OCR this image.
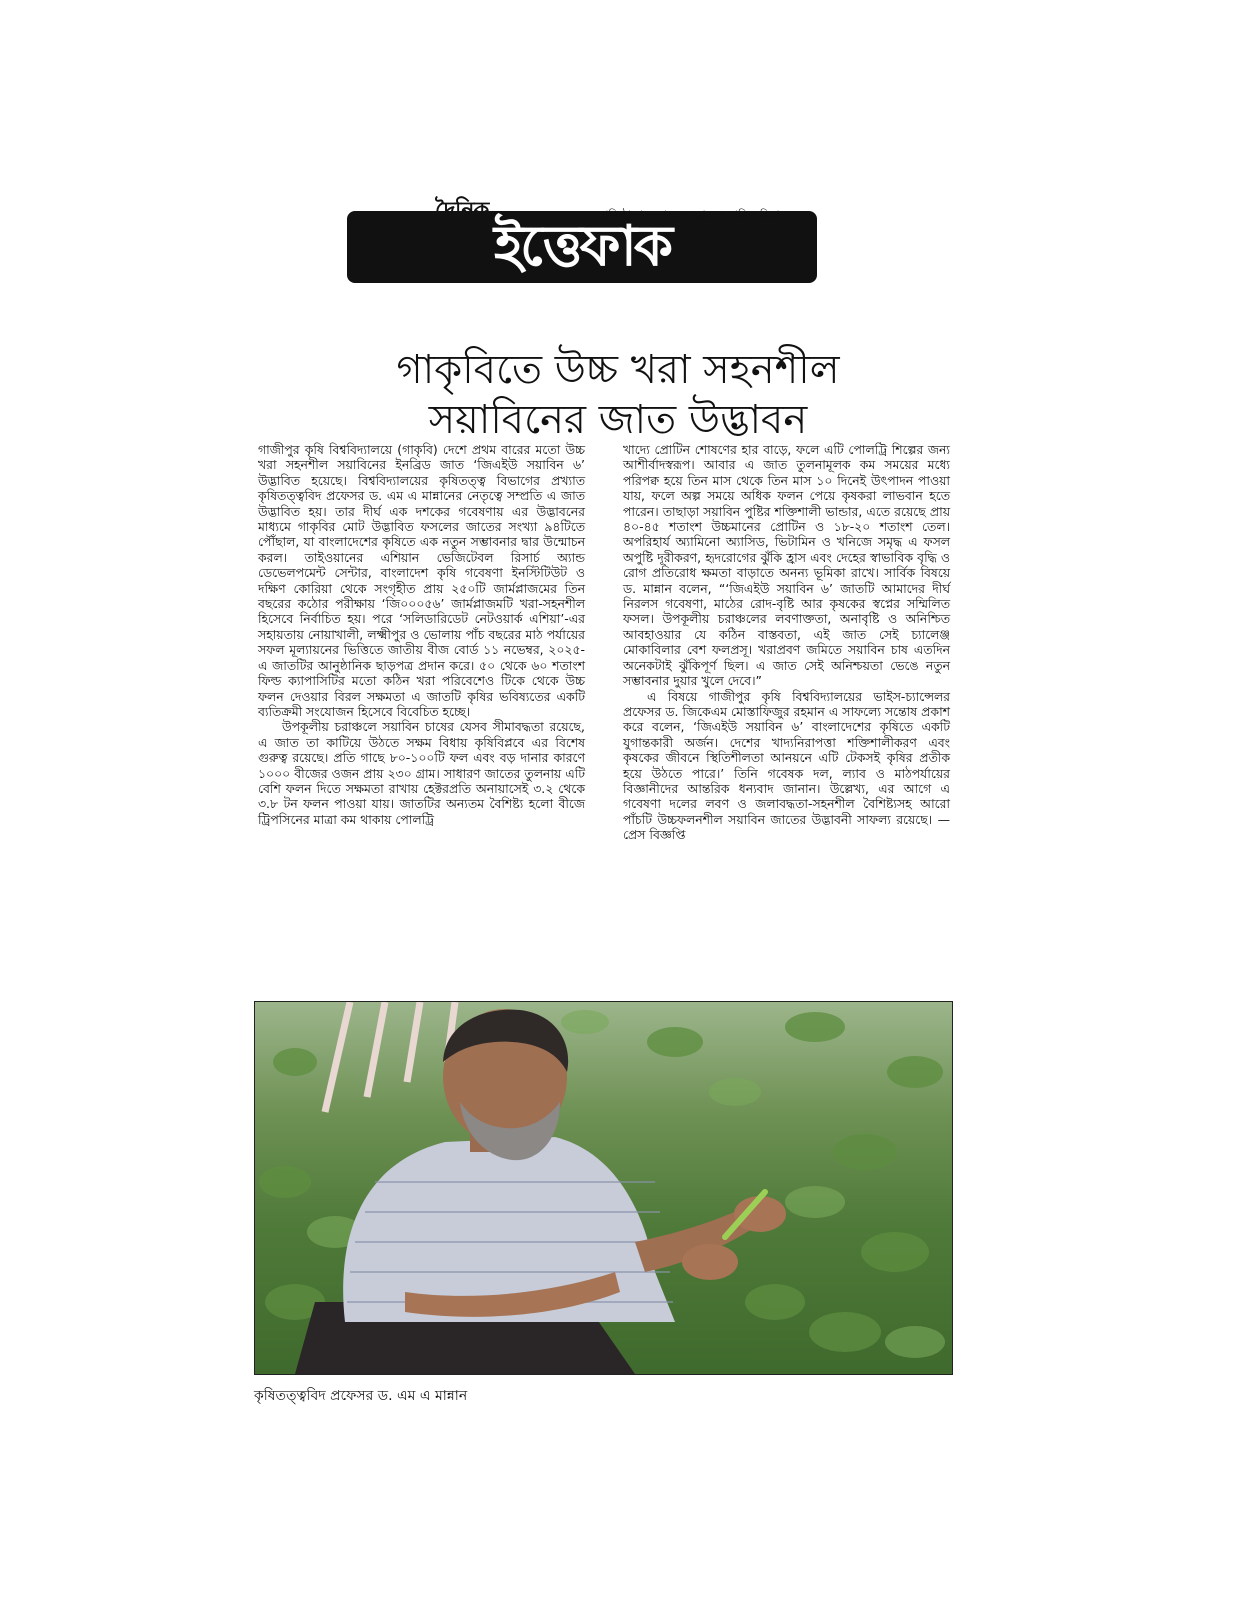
ইত্তেফাক
প্রতিষ্ঠাতা তফাজ্জল হোসেন মানিক মিয়া
গাকৃবিতে উচ্চ খরা সহনশীল
সয়াবিনের জাত উদ্ভাবন

গাজীপুর কৃষি বিশ্ববিদ্যালয়ে (গাকৃবি) দেশে প্রথম বারের মতো উচ্চ খরা সহনশীল সয়াবিনের ইনব্রিড জাত ‘জিএইউ সয়াবিন ৬’ উদ্ভাবিত হয়েছে। বিশ্ববিদ্যালয়ের কৃষিতত্ত্ব বিভাগের প্রখ্যাত কৃষিতত্ত্ববিদ প্রফেসর ড. এম এ মান্নানের নেতৃত্বে সম্প্রতি এ জাত উদ্ভাবিত হয়। তার দীর্ঘ এক দশকের গবেষণায় এর উদ্ভাবনের মাধ্যমে গাকৃবির মোট উদ্ভাবিত ফসলের জাতের সংখ্যা ৯৪টিতে পৌঁছাল, যা বাংলাদেশের কৃষিতে এক নতুন সম্ভাবনার দ্বার উন্মোচন করল। তাইওয়ানের এশিয়ান ভেজিটেবল রিসার্চ অ্যান্ড ডেভেলপমেন্ট সেন্টার, বাংলাদেশ কৃষি গবেষণা ইনস্টিটিউট ও দক্ষিণ কোরিয়া থেকে সংগৃহীত প্রায় ২৫০টি জার্মপ্লাজমের তিন বছরের কঠোর পরীক্ষায় ‘জি০০০৫৬’ জার্মপ্লাজমটি খরা-সহনশীল হিসেবে নির্বাচিত হয়। পরে ‘সলিডারিডেট নেটওয়ার্ক এশিয়া’-এর সহায়তায় নোয়াখালী, লক্ষ্মীপুর ও ভোলায় পাঁচ বছরের মাঠ পর্যায়ের সফল মূল্যায়নের ভিত্তিতে জাতীয় বীজ বোর্ড ১১ নভেম্বর, ২০২৫-এ জাতটির আনুষ্ঠানিক ছাড়পত্র প্রদান করে। ৫০ থেকে ৬০ শতাংশ ফিল্ড ক্যাপাসিটির মতো কঠিন খরা পরিবেশেও টিকে থেকে উচ্চ ফলন দেওয়ার বিরল সক্ষমতা এ জাতটি কৃষির ভবিষ্যতের একটি ব্যতিক্রমী সংযোজন হিসেবে বিবেচিত হচ্ছে।

উপকূলীয় চরাঞ্চলে সয়াবিন চাষের যেসব সীমাবদ্ধতা রয়েছে, এ জাত তা কাটিয়ে উঠতে সক্ষম বিধায় কৃষিবিপ্লবে এর বিশেষ গুরুত্ব রয়েছে। প্রতি গাছে ৮০-১০০টি ফল এবং বড় দানার কারণে ১০০০ বীজের ওজন প্রায় ২৩০ গ্রাম। সাধারণ জাতের তুলনায় এটি বেশি ফলন দিতে সক্ষমতা রাখায় হেক্টরপ্রতি অনায়াসেই ৩.২ থেকে ৩.৮ টন ফলন পাওয়া যায়। জাতটির অন্যতম বৈশিষ্ট্য হলো বীজে ট্রিপসিনের মাত্রা কম থাকায় পোলট্রি

খাদ্যে প্রোটিন শোষণের হার বাড়ে, ফলে এটি পোলট্রি শিল্পের জন্য আশীর্বাদস্বরূপ। আবার এ জাত তুলনামূলক কম সময়ের মধ্যে পরিপক্ব হয়ে তিন মাস থেকে তিন মাস ১০ দিনেই উৎপাদন পাওয়া যায়, ফলে অল্প সময়ে অধিক ফলন পেয়ে কৃষকরা লাভবান হতে পারেন। তাছাড়া সয়াবিন পুষ্টির শক্তিশালী ভান্ডার, এতে রয়েছে প্রায় ৪০-৪৫ শতাংশ উচ্চমানের প্রোটিন ও ১৮-২০ শতাংশ তেল। অপরিহার্য অ্যামিনো অ্যাসিড, ভিটামিন ও খনিজে সমৃদ্ধ এ ফসল অপুষ্টি দূরীকরণ, হৃদরোগের ঝুঁকি হ্রাস এবং দেহের স্বাভাবিক বৃদ্ধি ও রোগ প্রতিরোধ ক্ষমতা বাড়াতে অনন্য ভূমিকা রাখে। সার্বিক বিষয়ে ড. মান্নান বলেন, “‘জিএইউ সয়াবিন ৬’ জাতটি আমাদের দীর্ঘ নিরলস গবেষণা, মাঠের রোদ-বৃষ্টি আর কৃষকের স্বপ্নের সম্মিলিত ফসল। উপকূলীয় চরাঞ্চলের লবণাক্ততা, অনাবৃষ্টি ও অনিশ্চিত আবহাওয়ার যে কঠিন বাস্তবতা, এই জাত সেই চ্যালেঞ্জ মোকাবিলার বেশ ফলপ্রসূ। খরাপ্রবণ জমিতে সয়াবিন চাষ এতদিন অনেকটাই ঝুঁকিপূর্ণ ছিল। এ জাত সেই অনিশ্চয়তা ভেঙে নতুন সম্ভাবনার দুয়ার খুলে দেবে।”

এ বিষয়ে গাজীপুর কৃষি বিশ্ববিদ্যালয়ের ভাইস-চ্যান্সেলর প্রফেসর ড. জিকেএম মোস্তাফিজুর রহমান এ সাফল্যে সন্তোষ প্রকাশ করে বলেন, ‘জিএইউ সয়াবিন ৬’ বাংলাদেশের কৃষিতে একটি যুগান্তকারী অর্জন। দেশের খাদ্যনিরাপত্তা শক্তিশালীকরণ এবং কৃষকের জীবনে স্থিতিশীলতা আনয়নে এটি টেকসই কৃষির প্রতীক হয়ে উঠতে পারে।’ তিনি গবেষক দল, ল্যাব ও মাঠপর্যায়ের বিজ্ঞানীদের আন্তরিক ধন্যবাদ জানান। উল্লেখ্য, এর আগে এ গবেষণা দলের লবণ ও জলাবদ্ধতা-সহনশীল বৈশিষ্ট্যসহ আরো পাঁচটি উচ্চফলনশীল সয়াবিন জাতের উদ্ভাবনী সাফল্য রয়েছে। —প্রেস বিজ্ঞপ্তি

কৃষিতত্ত্ববিদ প্রফেসর ড. এম এ মান্নান
